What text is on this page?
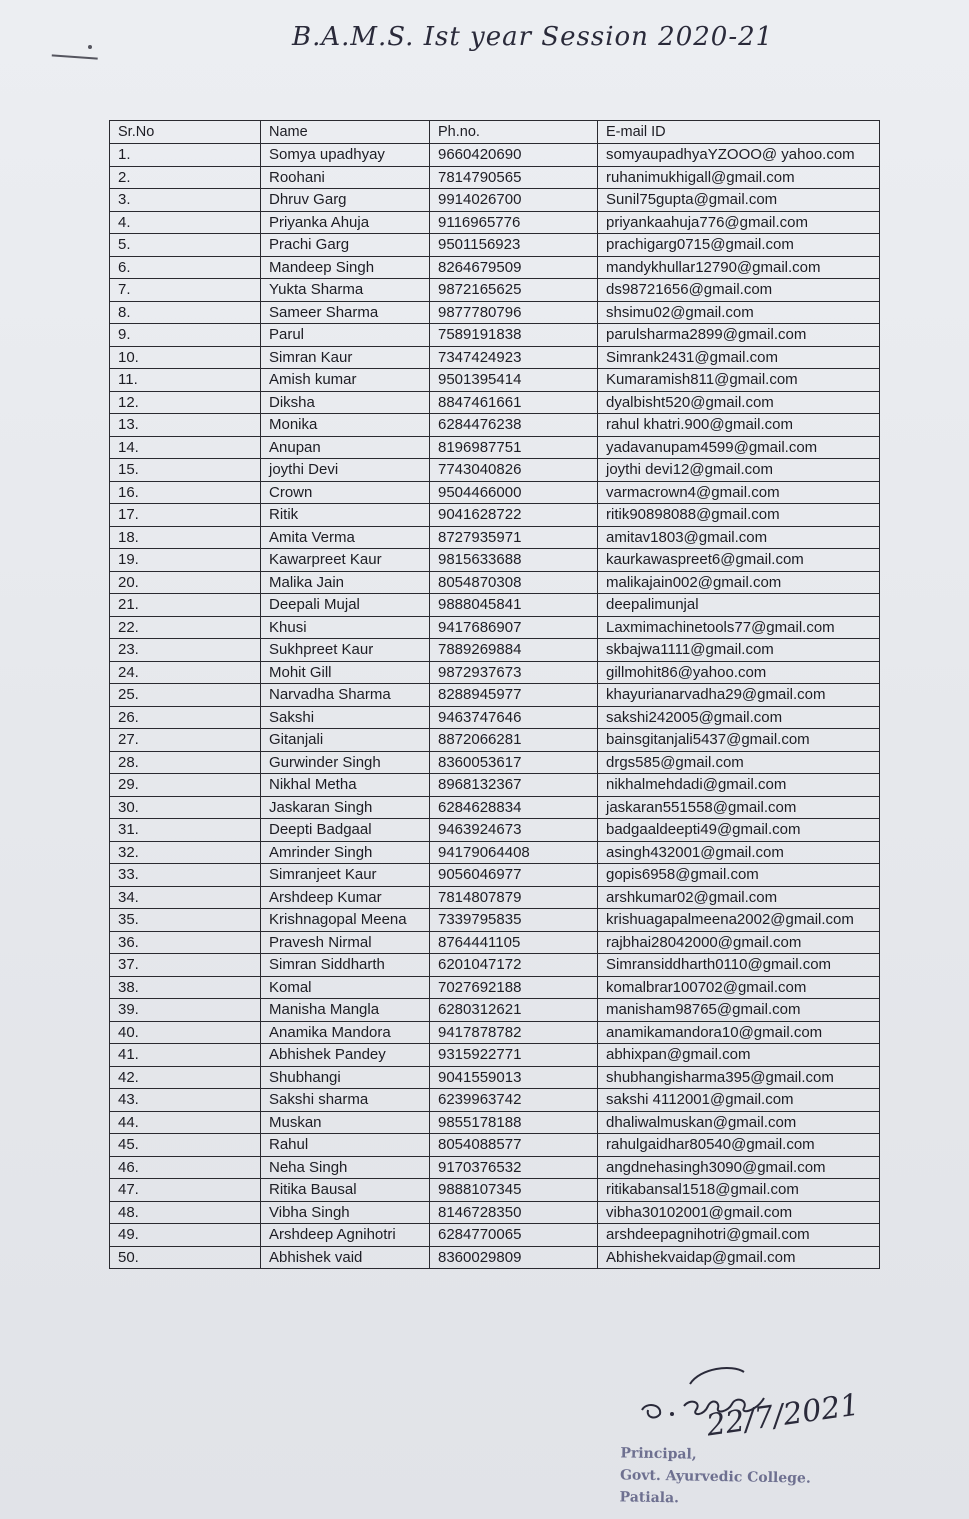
B.A.M.S. Ist year Session 2020-21
Sr.No	Name	Ph.no.	E-mail ID
1.	Somya upadhyay	9660420690	somyaupadhyaYZOOO@ yahoo.com
2.	Roohani	7814790565	ruhanimukhigall@gmail.com
3.	Dhruv Garg	9914026700	Sunil75gupta@gmail.com
4.	Priyanka Ahuja	9116965776	priyankaahuja776@gmail.com
5.	Prachi Garg	9501156923	prachigarg0715@gmail.com
6.	Mandeep Singh	8264679509	mandykhullar12790@gmail.com
7.	Yukta Sharma	9872165625	ds98721656@gmail.com
8.	Sameer Sharma	9877780796	shsimu02@gmail.com
9.	Parul	7589191838	parulsharma2899@gmail.com
10.	Simran Kaur	7347424923	Simrank2431@gmail.com
11.	Amish kumar	9501395414	Kumaramish811@gmail.com
12.	Diksha	8847461661	dyalbisht520@gmail.com
13.	Monika	6284476238	rahul khatri.900@gmail.com
14.	Anupan	8196987751	yadavanupam4599@gmail.com
15.	joythi Devi	7743040826	joythi devi12@gmail.com
16.	Crown	9504466000	varmacrown4@gmail.com
17.	Ritik	9041628722	ritik90898088@gmail.com
18.	Amita Verma	8727935971	amitav1803@gmail.com
19.	Kawarpreet Kaur	9815633688	kaurkawaspreet6@gmail.com
20.	Malika Jain	8054870308	malikajain002@gmail.com
21.	Deepali Mujal	9888045841	deepalimunjal
22.	Khusi	9417686907	Laxmimachinetools77@gmail.com
23.	Sukhpreet Kaur	7889269884	skbajwa1111@gmail.com
24.	Mohit Gill	9872937673	gillmohit86@yahoo.com
25.	Narvadha Sharma	8288945977	khayurianarvadha29@gmail.com
26.	Sakshi	9463747646	sakshi242005@gmail.com
27.	Gitanjali	8872066281	bainsgitanjali5437@gmail.com
28.	Gurwinder Singh	8360053617	drgs585@gmail.com
29.	Nikhal Metha	8968132367	nikhalmehdadi@gmail.com
30.	Jaskaran Singh	6284628834	jaskaran551558@gmail.com
31.	Deepti Badgaal	9463924673	badgaaldeepti49@gmail.com
32.	Amrinder Singh	94179064408	asingh432001@gmail.com
33.	Simranjeet Kaur	9056046977	gopis6958@gmail.com
34.	Arshdeep Kumar	7814807879	arshkumar02@gmail.com
35.	Krishnagopal Meena	7339795835	krishuagapalmeena2002@gmail.com
36.	Pravesh Nirmal	8764441105	rajbhai28042000@gmail.com
37.	Simran Siddharth	6201047172	Simransiddharth0110@gmail.com
38.	Komal	7027692188	komalbrar100702@gmail.com
39.	Manisha Mangla	6280312621	manisham98765@gmail.com
40.	Anamika Mandora	9417878782	anamikamandora10@gmail.com
41.	Abhishek Pandey	9315922771	abhixpan@gmail.com
42.	Shubhangi	9041559013	shubhangisharma395@gmail.com
43.	Sakshi sharma	6239963742	sakshi 4112001@gmail.com
44.	Muskan	9855178188	dhaliwalmuskan@gmail.com
45.	Rahul	8054088577	rahulgaidhar80540@gmail.com
46.	Neha Singh	9170376532	angdnehasingh3090@gmail.com
47.	Ritika Bausal	9888107345	ritikabansal1518@gmail.com
48.	Vibha Singh	8146728350	vibha30102001@gmail.com
49.	Arshdeep Agnihotri	6284770065	arshdeepagnihotri@gmail.com
50.	Abhishek vaid	8360029809	Abhishekvaidap@gmail.com
22/7/2021
Principal,
Govt. Ayurvedic College.
Patiala.
